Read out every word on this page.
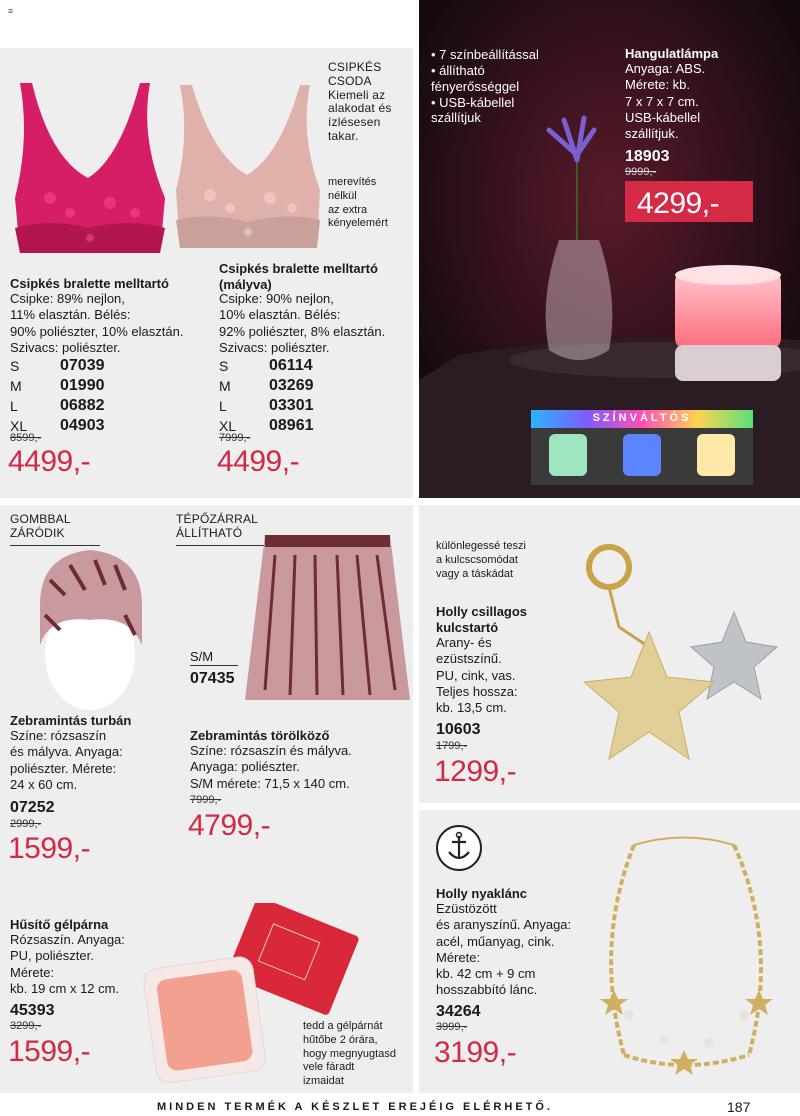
≡
CSIPKÉS
CSODA
Kiemeli az
alakodat és
ízlésesen
takar.
merevítés
nélkül
az extra
kényelemért
Csipkés bralette melltartó
Csipke: 89% nejlon,
11% elasztán. Bélés:
90% poliészter, 10% elasztán.
Szivacs: poliészter.
S	07039
M	01990
L	06882
XL	04903
8599,-
4499,-
Csipkés bralette melltartó
(mályva)
Csipke: 90% nejlon,
10% elasztán. Bélés:
92% poliészter, 8% elasztán.
Szivacs: poliészter.
S	06114
M	03269
L	03301
XL	08961
7999,-
4499,-
• 7 színbeállítással
• állítható
fényerősséggel
• USB-kábellel
szállítjuk
Hangulatlámpa
Anyaga: ABS.
Mérete: kb.
7 x 7 x 7 cm.
USB-kábellel
szállítjuk.
18903
9999,-
4299,-
SZÍNVÁLTÓS
GOMBBAL
ZÁRÓDIK
TÉPŐZÁRRAL
ÁLLÍTHATÓ
S/M
07435
Zebramintás turbán
Színe: rózsaszín
és mályva. Anyaga:
poliészter. Mérete:
24 x 60 cm.
07252
2999,-
1599,-
Zebramintás törölköző
Színe: rózsaszín és mályva.
Anyaga: poliészter.
S/M mérete: 71,5 x 140 cm.
7999,-
4799,-
Hűsítő gélpárna
Rózsaszín. Anyaga:
PU, poliészter.
Mérete:
kb. 19 cm x 12 cm.
45393
3299,-
1599,-
tedd a gélpárnát
hűtőbe 2 órára,
hogy megnyugtasd
vele fáradt
izmaidat
különlegessé teszi
a kulcscsomódat
vagy a táskádat
Holly csillagos
kulcstartó
Arany- és
ezüstszínű.
PU, cink, vas.
Teljes hossza:
kb. 13,5 cm.
10603
1799,-
1299,-
Holly nyaklánc
Ezüstözött
és aranyszínű. Anyaga:
acél, műanyag, cink.
Mérete:
kb. 42 cm + 9 cm
hosszabbító lánc.
34264
3999,-
3199,-
MINDEN TERMÉK A KÉSZLET EREJÉIG ELÉRHETŐ.	187
